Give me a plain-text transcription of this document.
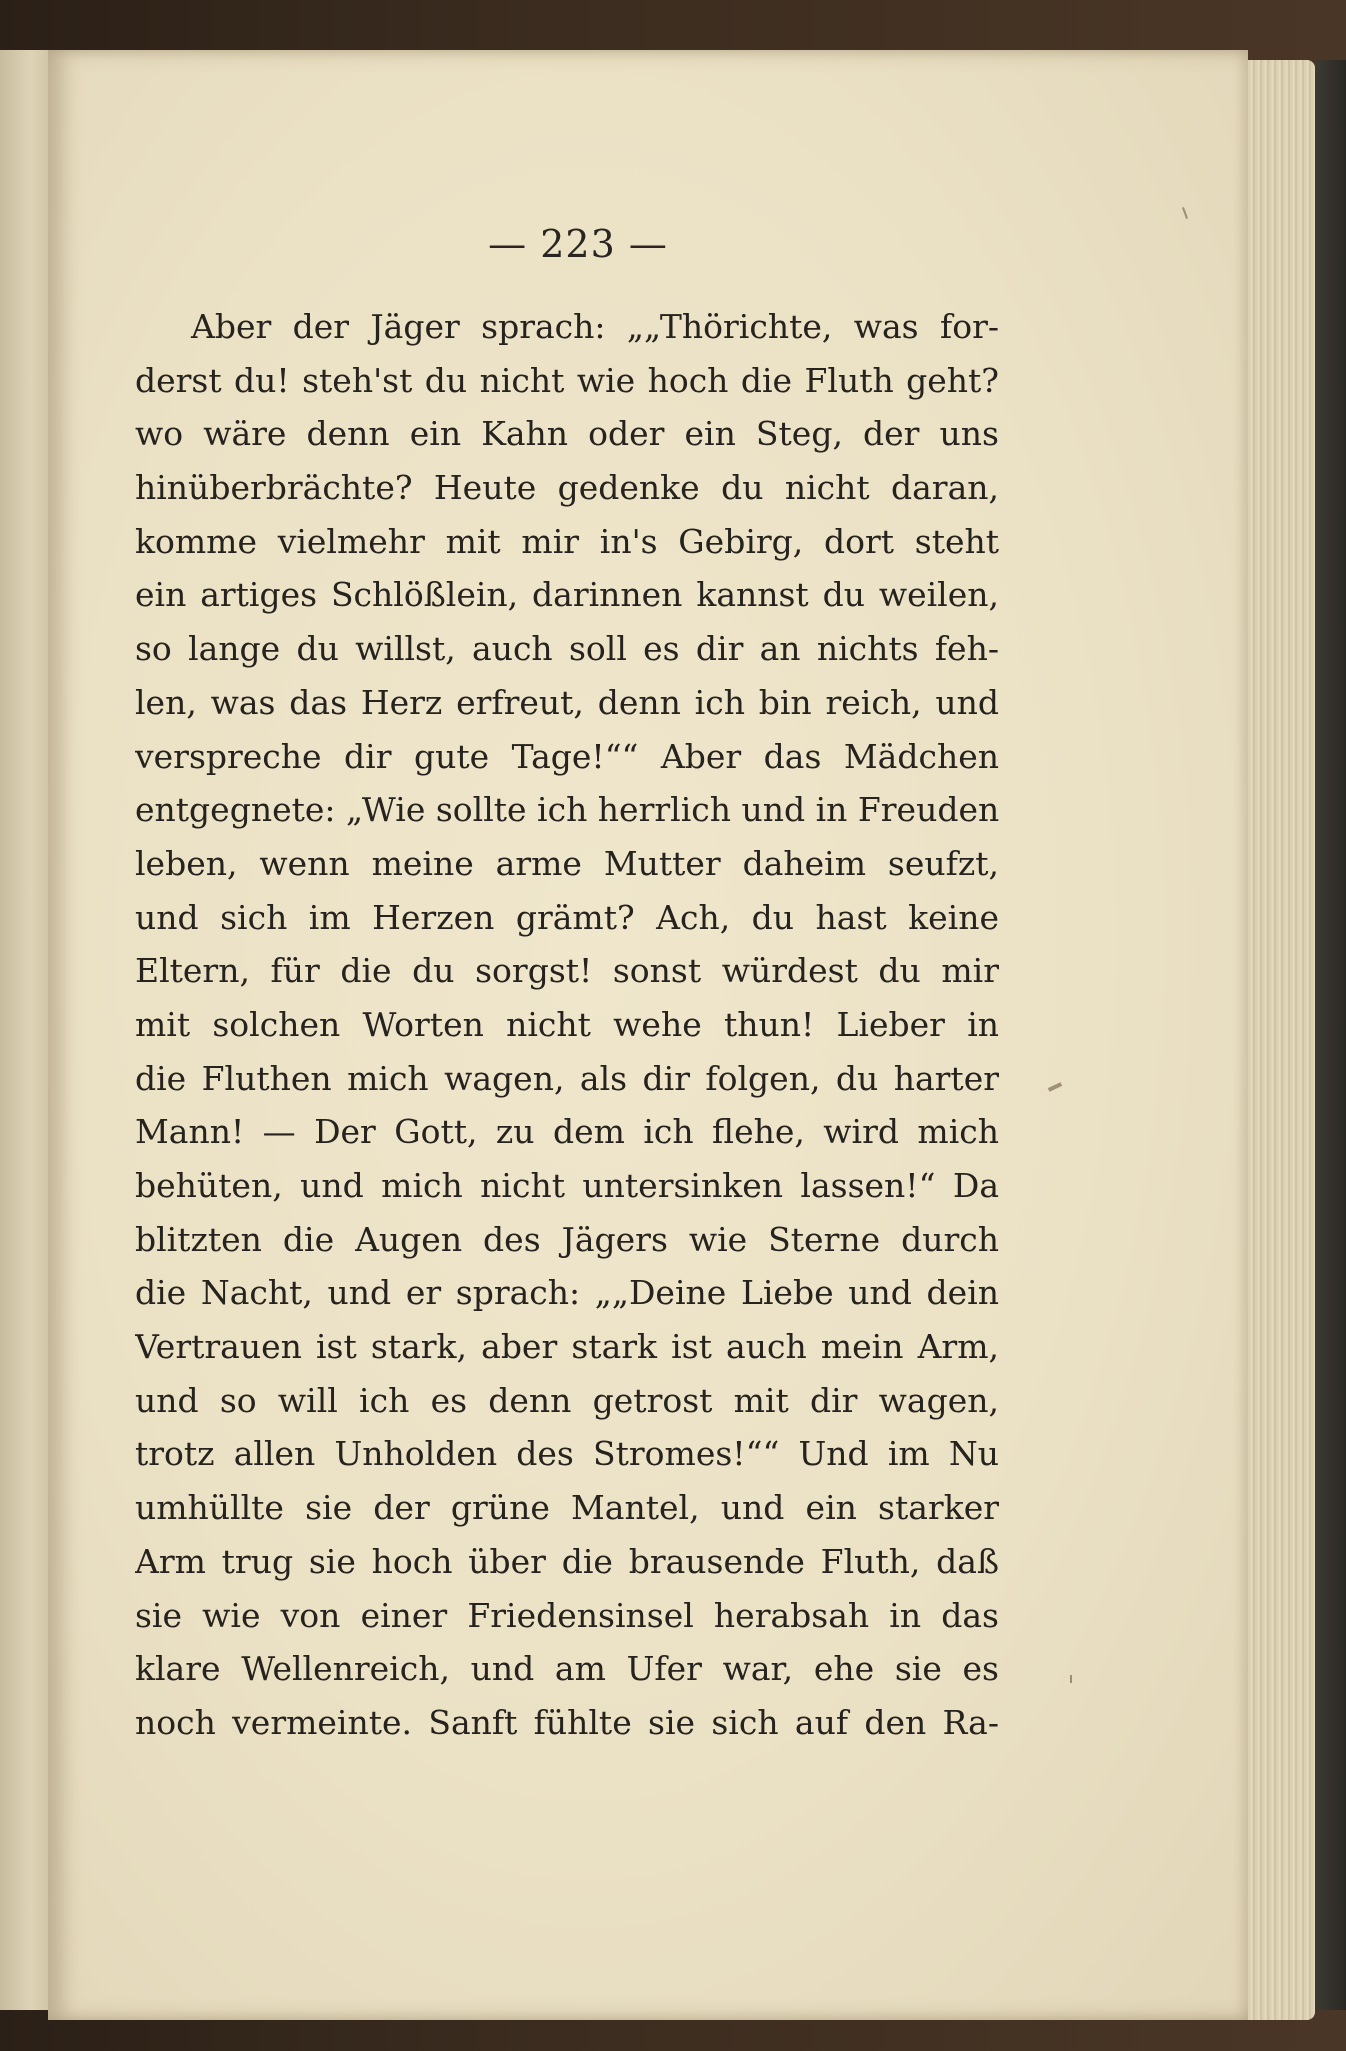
— 223 —
Aber der Jäger sprach: „„Thörichte, was for-
derst du! steh'st du nicht wie hoch die Fluth geht?
wo wäre denn ein Kahn oder ein Steg, der uns
hinüberbrächte? Heute gedenke du nicht daran,
komme vielmehr mit mir in's Gebirg, dort steht
ein artiges Schlößlein, darinnen kannst du weilen,
so lange du willst, auch soll es dir an nichts feh-
len, was das Herz erfreut, denn ich bin reich, und
verspreche dir gute Tage!““ Aber das Mädchen
entgegnete: „Wie sollte ich herrlich und in Freuden
leben, wenn meine arme Mutter daheim seufzt,
und sich im Herzen grämt? Ach, du hast keine
Eltern, für die du sorgst! sonst würdest du mir
mit solchen Worten nicht wehe thun! Lieber in
die Fluthen mich wagen, als dir folgen, du harter
Mann! — Der Gott, zu dem ich flehe, wird mich
behüten, und mich nicht untersinken lassen!“ Da
blitzten die Augen des Jägers wie Sterne durch
die Nacht, und er sprach: „„Deine Liebe und dein
Vertrauen ist stark, aber stark ist auch mein Arm,
und so will ich es denn getrost mit dir wagen,
trotz allen Unholden des Stromes!““ Und im Nu
umhüllte sie der grüne Mantel, und ein starker
Arm trug sie hoch über die brausende Fluth, daß
sie wie von einer Friedensinsel herabsah in das
klare Wellenreich, und am Ufer war, ehe sie es
noch vermeinte. Sanft fühlte sie sich auf den Ra-
